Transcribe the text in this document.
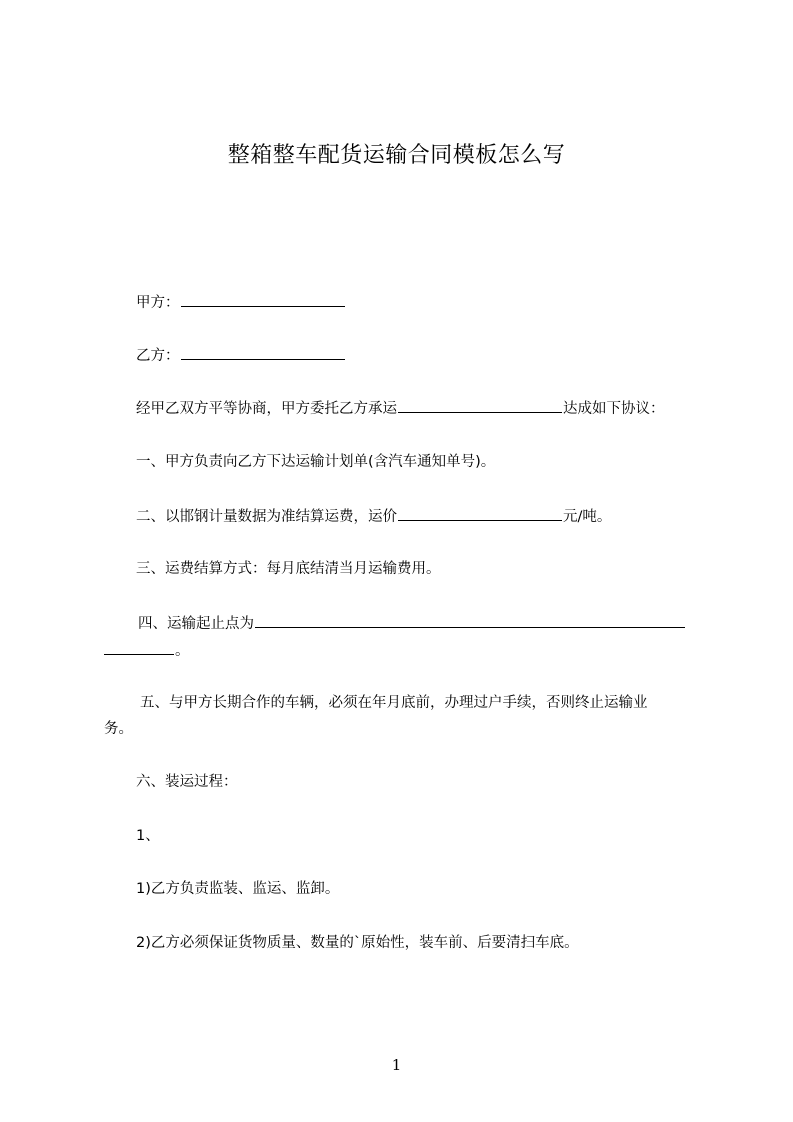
整箱整车配货运输合同模板怎么写
甲方：
乙方：
经甲乙双方平等协商，甲方委托乙方承运	达成如下协议：
一、甲方负责向乙方下达运输计划单(含汽车通知单号)。
二、以邯钢计量数据为准结算运费，运价	元/吨。
三、运费结算方式：每月底结清当月运输费用。
四、运输起止点为
。
五、与甲方长期合作的车辆，必须在年月底前，办理过户手续，否则终止运输业
务。
六、装运过程：
1、
1)乙方负责监装、监运、监卸。
2)乙方必须保证货物质量、数量的`原始性，装车前、后要清扫车底。
1
